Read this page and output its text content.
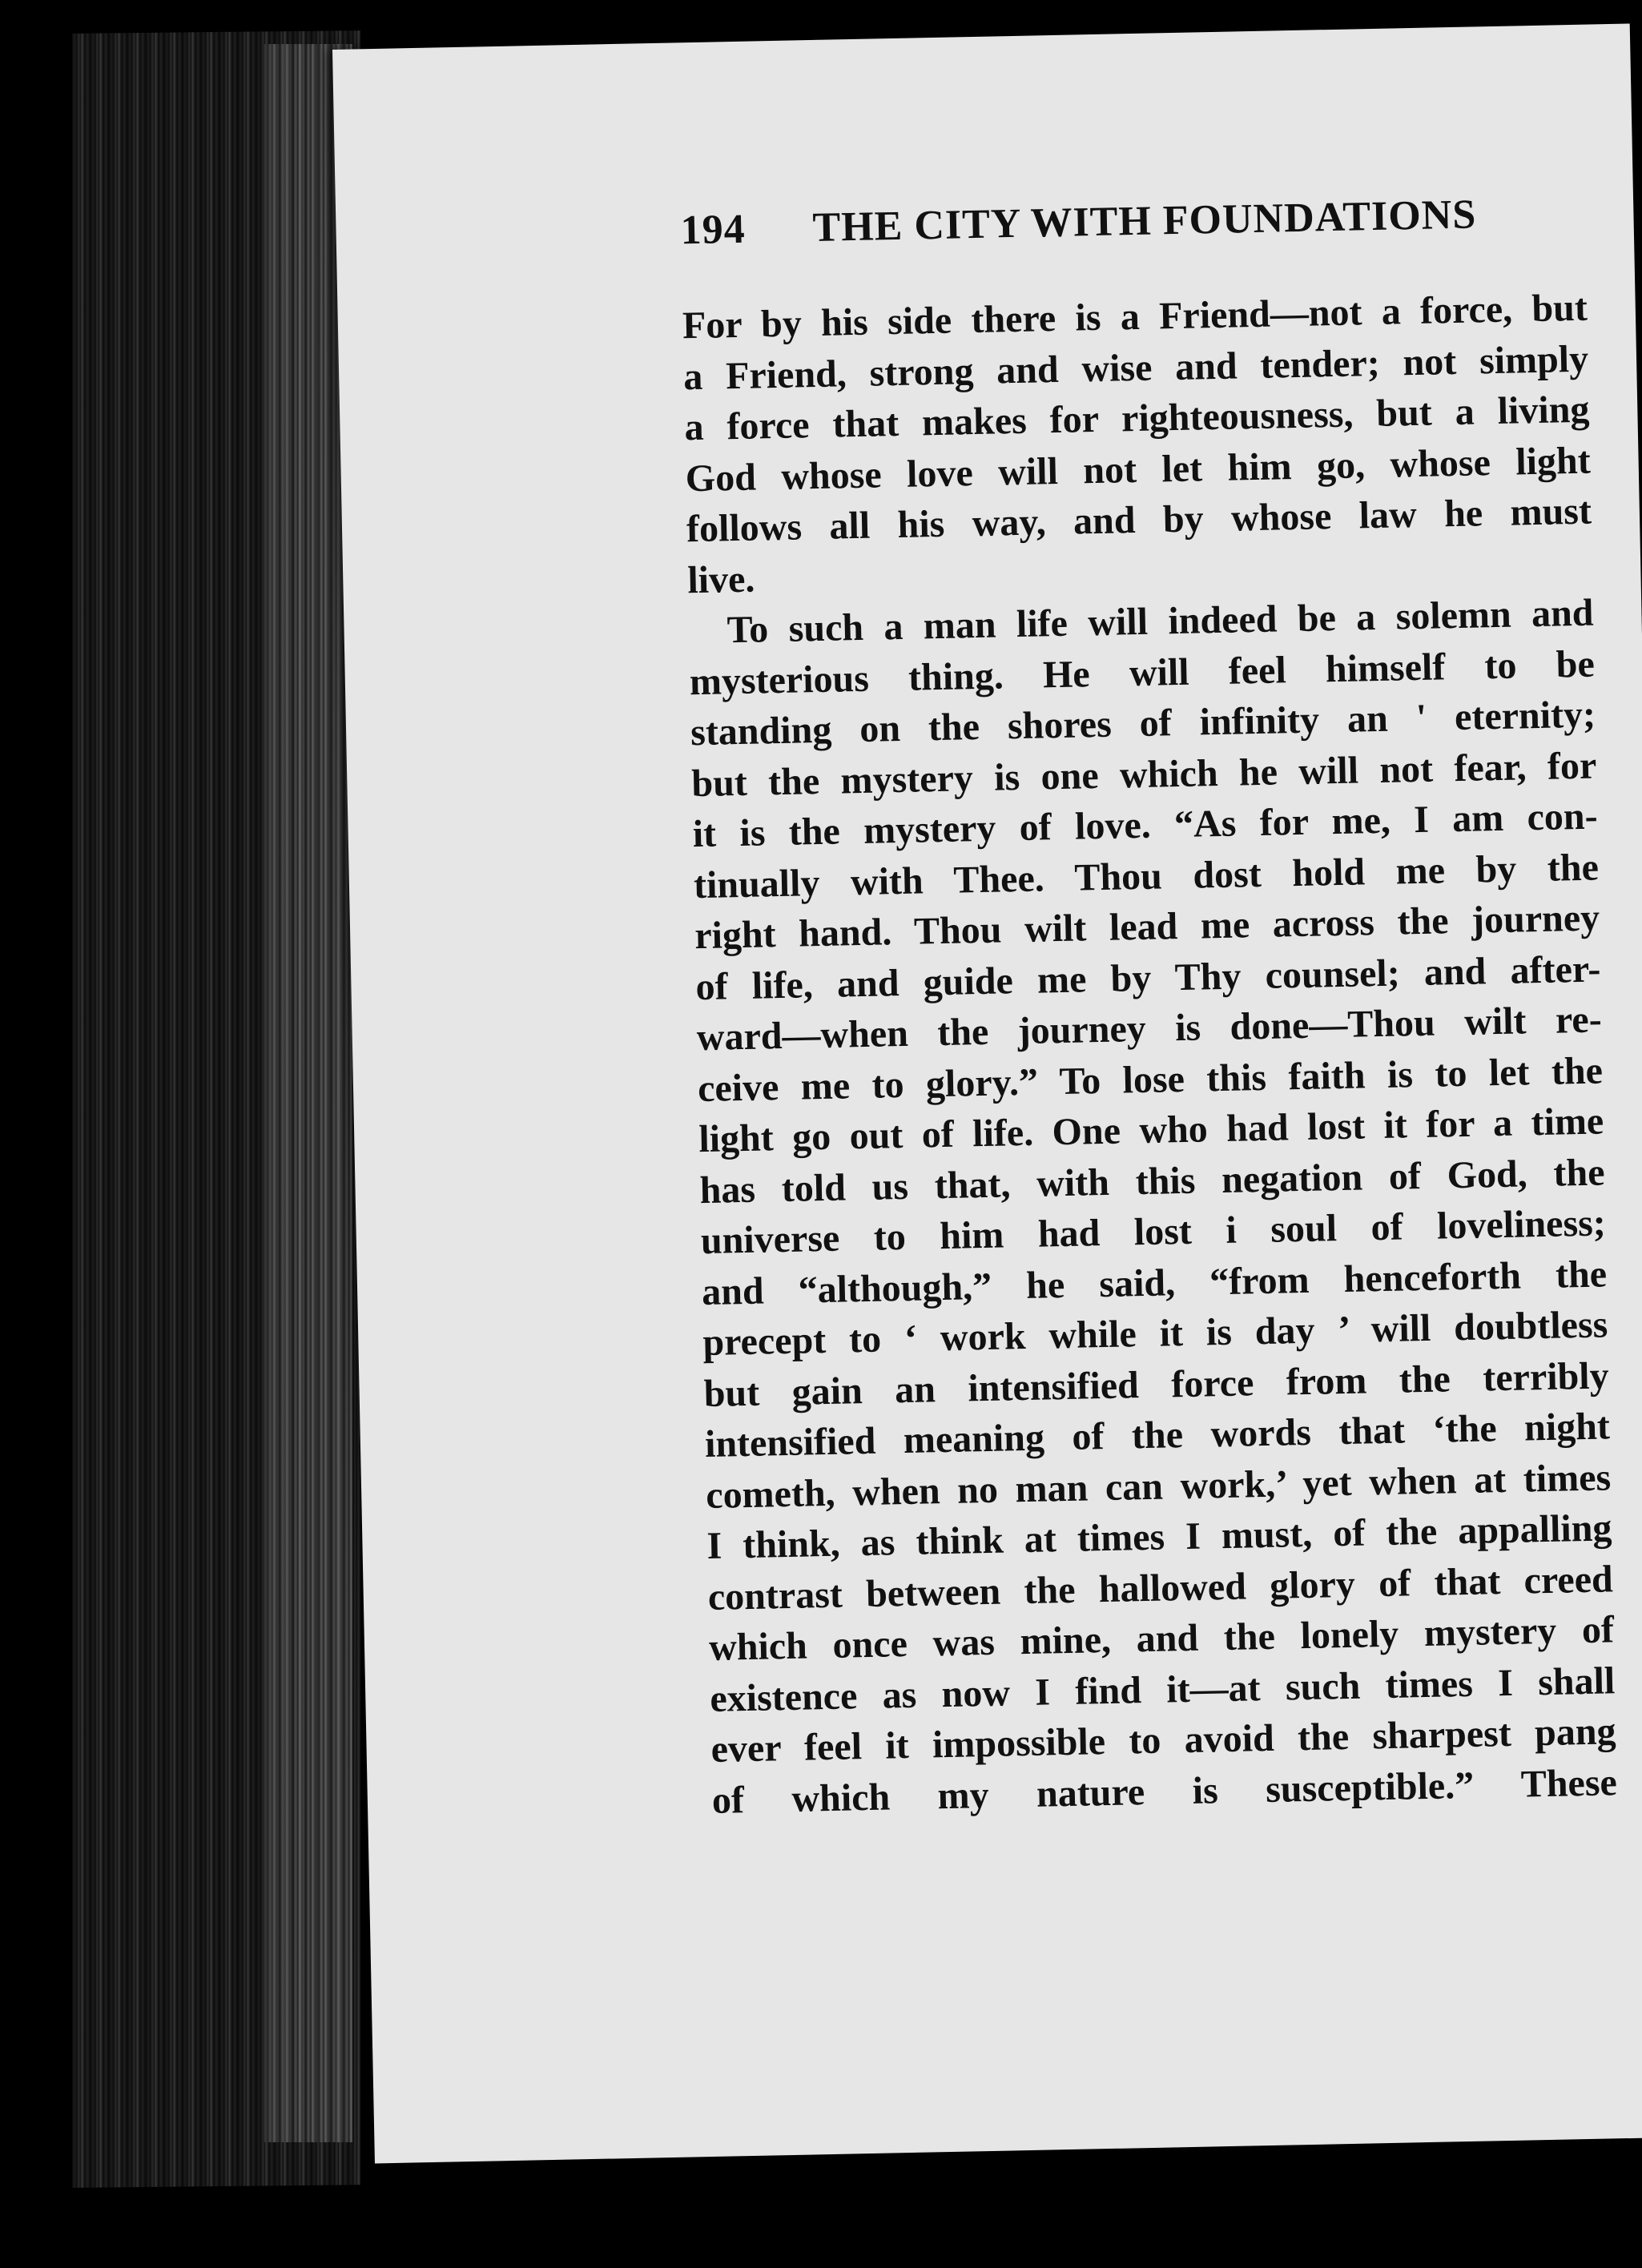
194 THE CITY WITH FOUNDATIONS
For by his side there is a Friend—not a force, but
a Friend, strong and wise and tender; not simply
a force that makes for righteousness, but a living
God whose love will not let him go, whose light
follows all his way, and by whose law he must
live.
To such a man life will indeed be a solemn and
mysterious thing. He will feel himself to be
standing on the shores of infinity an ' eternity;
but the mystery is one which he will not fear, for
it is the mystery of love. “As for me, I am con-
tinually with Thee. Thou dost hold me by the
right hand. Thou wilt lead me across the journey
of life, and guide me by Thy counsel; and after-
ward—when the journey is done—Thou wilt re-
ceive me to glory.” To lose this faith is to let the
light go out of life. One who had lost it for a time
has told us that, with this negation of God, the
universe to him had lost i soul of loveliness;
and “although,” he said, “from henceforth the
precept to ‘ work while it is day ’ will doubtless
but gain an intensified force from the terribly
intensified meaning of the words that ‘the night
cometh, when no man can work,’ yet when at times
I think, as think at times I must, of the appalling
contrast between the hallowed glory of that creed
which once was mine, and the lonely mystery of
existence as now I find it—at such times I shall
ever feel it impossible to avoid the sharpest pang
of which my nature is susceptible.” These
